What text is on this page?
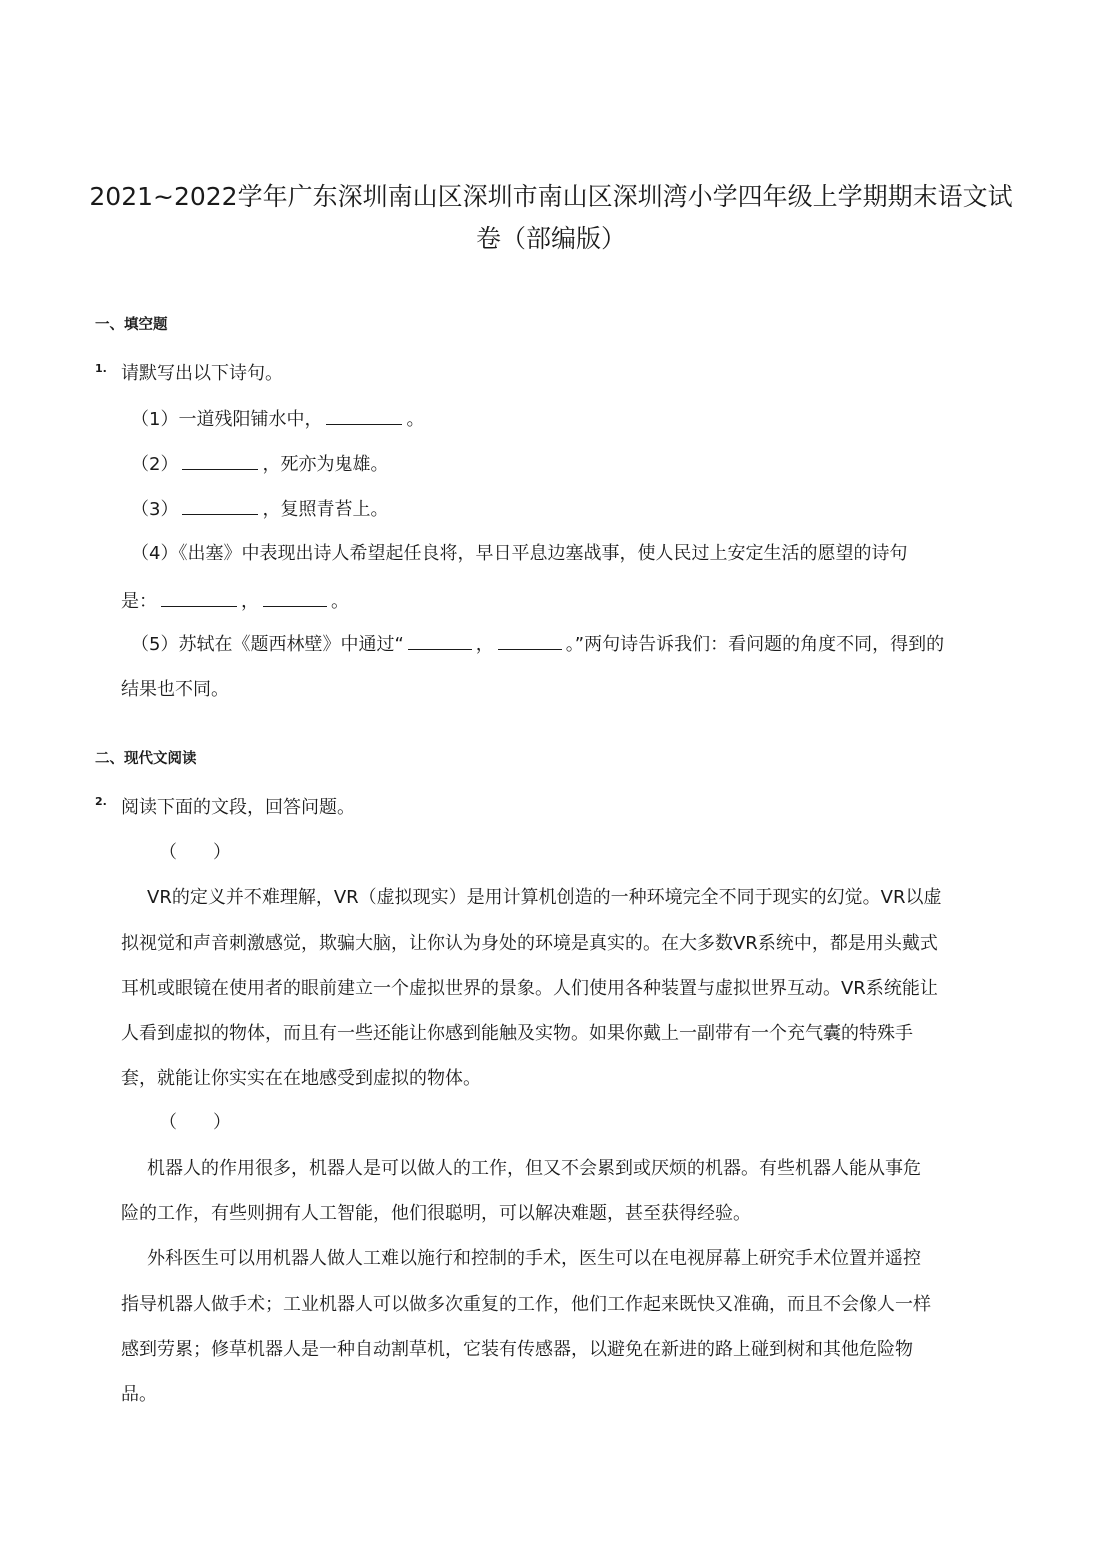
2021~2022学年广东深圳南山区深圳市南山区深圳湾小学四年级上学期期末语文试
卷（部编版）
一、填空题
1. 请默写出以下诗句。
（1）一道残阳铺水中，	。
（2）	，死亦为鬼雄。
（3）	，复照青苔上。
（4）《出塞》中表现出诗人希望起任良将，早日平息边塞战事，使人民过上安定生活的愿望的诗句
是：	，	。
（5）苏轼在《题西林壁》中通过“	，	。”两句诗告诉我们：看问题的角度不同，得到的
结果也不同。
二、现代文阅读
2. 阅读下面的文段，回答问题。
（　　）
VR的定义并不难理解，VR（虚拟现实）是用计算机创造的一种环境完全不同于现实的幻觉。VR以虚
拟视觉和声音刺激感觉，欺骗大脑，让你认为身处的环境是真实的。在大多数VR系统中，都是用头戴式
耳机或眼镜在使用者的眼前建立一个虚拟世界的景象。人们使用各种装置与虚拟世界互动。VR系统能让
人看到虚拟的物体，而且有一些还能让你感到能触及实物。如果你戴上一副带有一个充气囊的特殊手
套，就能让你实实在在地感受到虚拟的物体。
（　　）
机器人的作用很多，机器人是可以做人的工作，但又不会累到或厌烦的机器。有些机器人能从事危
险的工作，有些则拥有人工智能，他们很聪明，可以解决难题，甚至获得经验。
外科医生可以用机器人做人工难以施行和控制的手术，医生可以在电视屏幕上研究手术位置并遥控
指导机器人做手术；工业机器人可以做多次重复的工作，他们工作起来既快又准确，而且不会像人一样
感到劳累；修草机器人是一种自动割草机，它装有传感器，以避免在新进的路上碰到树和其他危险物
品。
